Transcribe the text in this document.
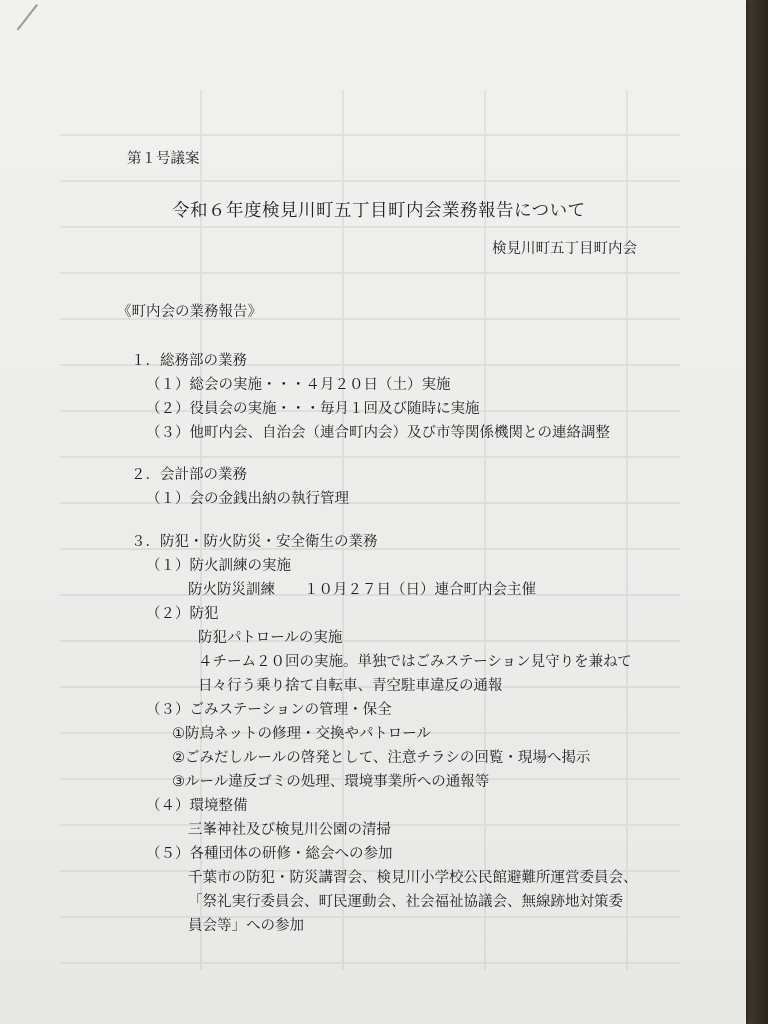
第１号議案
令和６年度検見川町五丁目町内会業務報告について
検見川町五丁目町内会
《町内会の業務報告》
１．総務部の業務
（１）総会の実施・・・４月２０日（土）実施
（２）役員会の実施・・・毎月１回及び随時に実施
（３）他町内会、自治会（連合町内会）及び市等関係機関との連絡調整
２．会計部の業務
（１）会の金銭出納の執行管理
３．防犯・防火防災・安全衛生の業務
（１）防火訓練の実施
防火防災訓練　　１０月２７日（日）連合町内会主催
（２）防犯
防犯パトロールの実施
４チーム２０回の実施。単独ではごみステーション見守りを兼ねて
日々行う乗り捨て自転車、青空駐車違反の通報
（３）ごみステーションの管理・保全
①防鳥ネットの修理・交換やパトロール
②ごみだしルールの啓発として、注意チラシの回覧・現場へ掲示
③ルール違反ゴミの処理、環境事業所への通報等
（４）環境整備
三峯神社及び検見川公園の清掃
（５）各種団体の研修・総会への参加
千葉市の防犯・防災講習会、検見川小学校公民館避難所運営委員会、
「祭礼実行委員会、町民運動会、社会福祉協議会、無線跡地対策委
員会等」への参加
